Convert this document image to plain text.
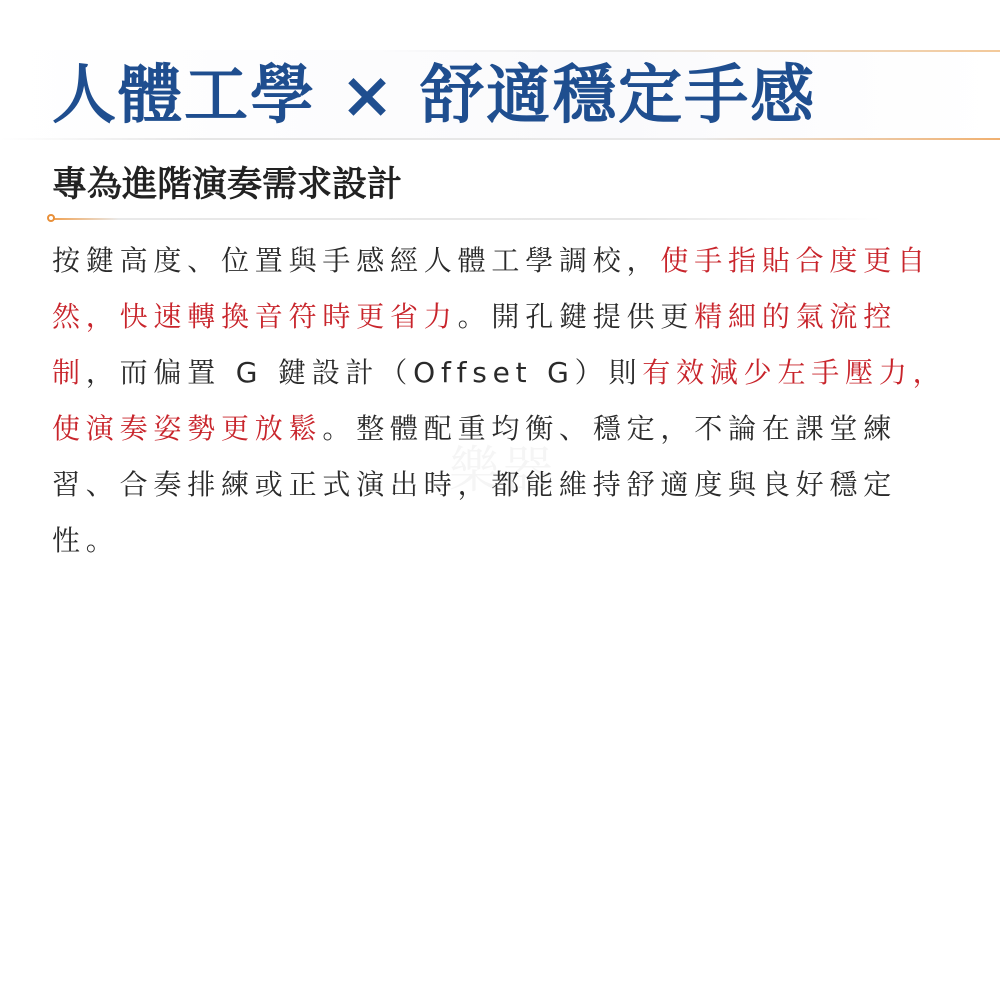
人體工學 × 舒適穩定手感
專為進階演奏需求設計

按鍵高度、位置與手感經人體工學調校，使手指貼合度更自然，快速轉換音符時更省力。開孔鍵提供更精細的氣流控制，而偏置 G 鍵設計（Offset G）則有效減少左手壓力，使演奏姿勢更放鬆。整體配重均衡、穩定，不論在課堂練習、合奏排練或正式演出時，都能維持舒適度與良好穩定性。
